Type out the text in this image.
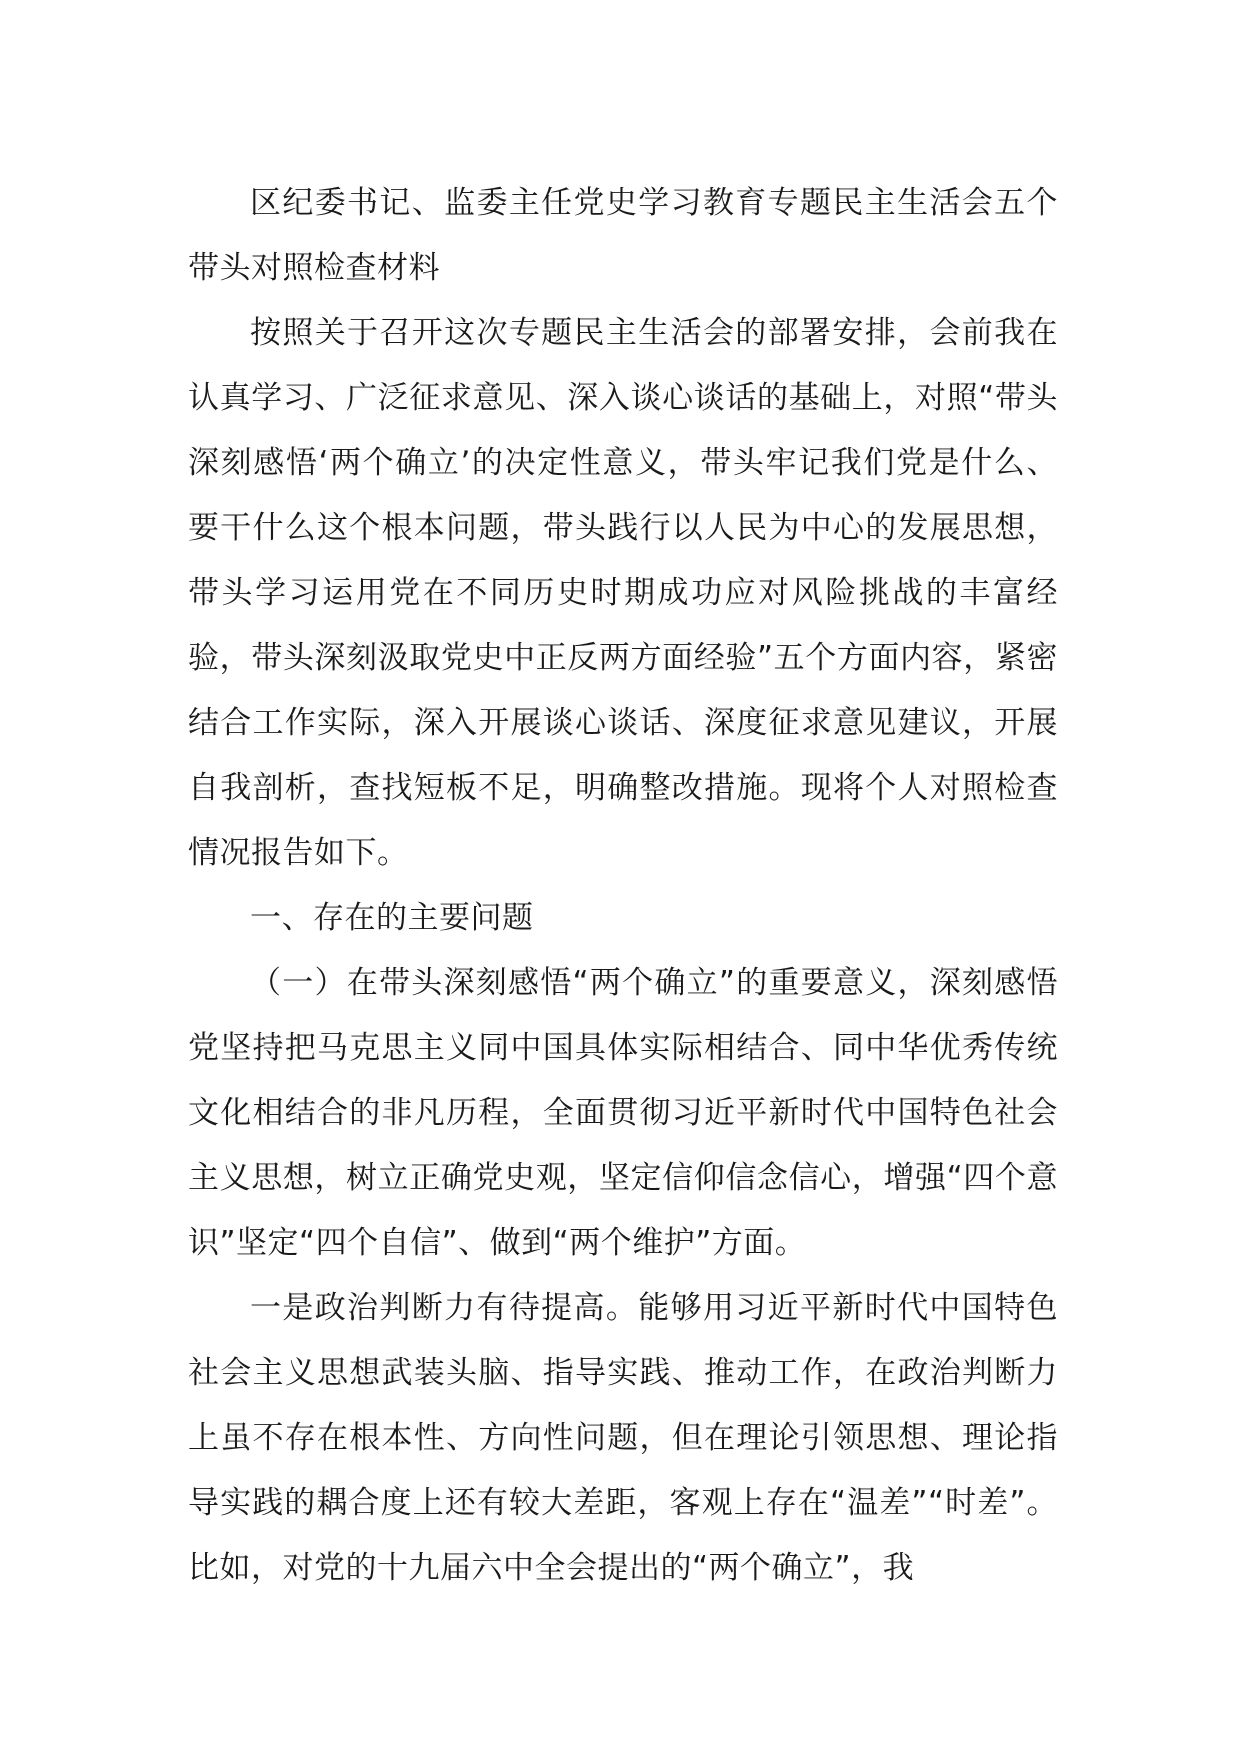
区纪委书记、监委主任党史学习教育专题民主生活会五个带头对照检查材料

按照关于召开这次专题民主生活会的部署安排，会前我在认真学习、广泛征求意见、深入谈心谈话的基础上，对照“带头深刻感悟‘两个确立’的决定性意义，带头牢记我们党是什么、要干什么这个根本问题，带头践行以人民为中心的发展思想，带头学习运用党在不同历史时期成功应对风险挑战的丰富经验，带头深刻汲取党史中正反两方面经验”五个方面内容，紧密结合工作实际，深入开展谈心谈话、深度征求意见建议，开展自我剖析，查找短板不足，明确整改措施。现将个人对照检查情况报告如下。

一、存在的主要问题

（一）在带头深刻感悟“两个确立”的重要意义，深刻感悟党坚持把马克思主义同中国具体实际相结合、同中华优秀传统文化相结合的非凡历程，全面贯彻习近平新时代中国特色社会主义思想，树立正确党史观，坚定信仰信念信心，增强“四个意识”坚定“四个自信”、做到“两个维护”方面。

一是政治判断力有待提高。能够用习近平新时代中国特色社会主义思想武装头脑、指导实践、推动工作，在政治判断力上虽不存在根本性、方向性问题，但在理论引领思想、理论指导实践的耦合度上还有较大差距，客观上存在“温差”“时差”。比如，对党的十九届六中全会提出的“两个确立”，我
